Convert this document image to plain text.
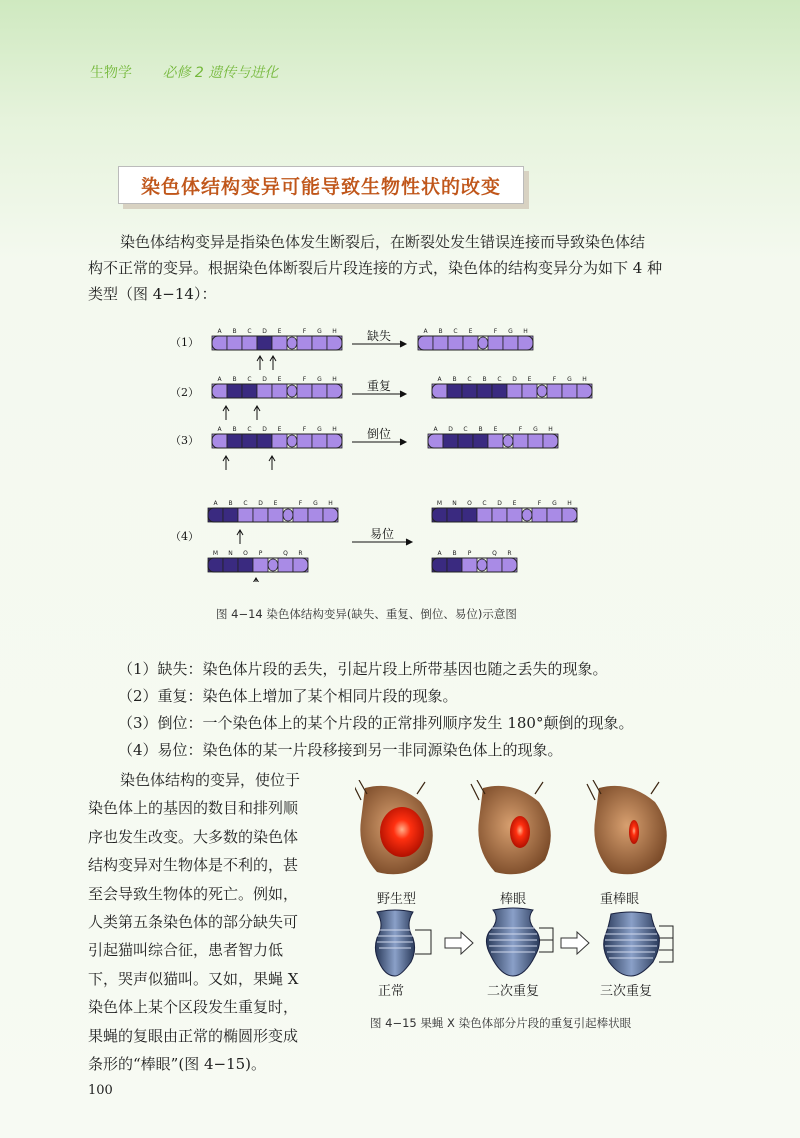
生物学 必修 2 遗传与进化
染色体结构变异可能导致生物性状的改变
染色体结构变异是指染色体发生断裂后，在断裂处发生错误连接而导致染色体结
构不正常的变异。根据染色体断裂后片段连接的方式，染色体的结构变异分为如下 4 种
类型（图 4−14）：
（1）
A B C D E	F G H	缺失	A B C E	F G H
（2）
A B C D E	F G H	重复	A B C B C D E	F G H
（3）
A B C D E	F G H	倒位	A D C B E	F G H
（4）
A B C D E	F G H
M N O P	Q R
易位
M N O C D E	F G H
A B P	Q R
图 4−14 染色体结构变异(缺失、重复、倒位、易位)示意图
（1）缺失：染色体片段的丢失，引起片段上所带基因也随之丢失的现象。
（2）重复：染色体上增加了某个相同片段的现象。
（3）倒位：一个染色体上的某个片段的正常排列顺序发生 180°颠倒的现象。
（4）易位：染色体的某一片段移接到另一非同源染色体上的现象。
染色体结构的变异，使位于
染色体上的基因的数目和排列顺
序也发生改变。大多数的染色体
结构变异对生物体是不利的，甚
至会导致生物体的死亡。例如，
人类第五条染色体的部分缺失可
引起猫叫综合征，患者智力低
下，哭声似猫叫。又如，果蝇 X
染色体上某个区段发生重复时，
果蝇的复眼由正常的椭圆形变成
条形的“棒眼”(图 4−15)。
野生型	棒眼	重棒眼
正常	二次重复	三次重复
图 4−15 果蝇 X 染色体部分片段的重复引起棒状眼
100
